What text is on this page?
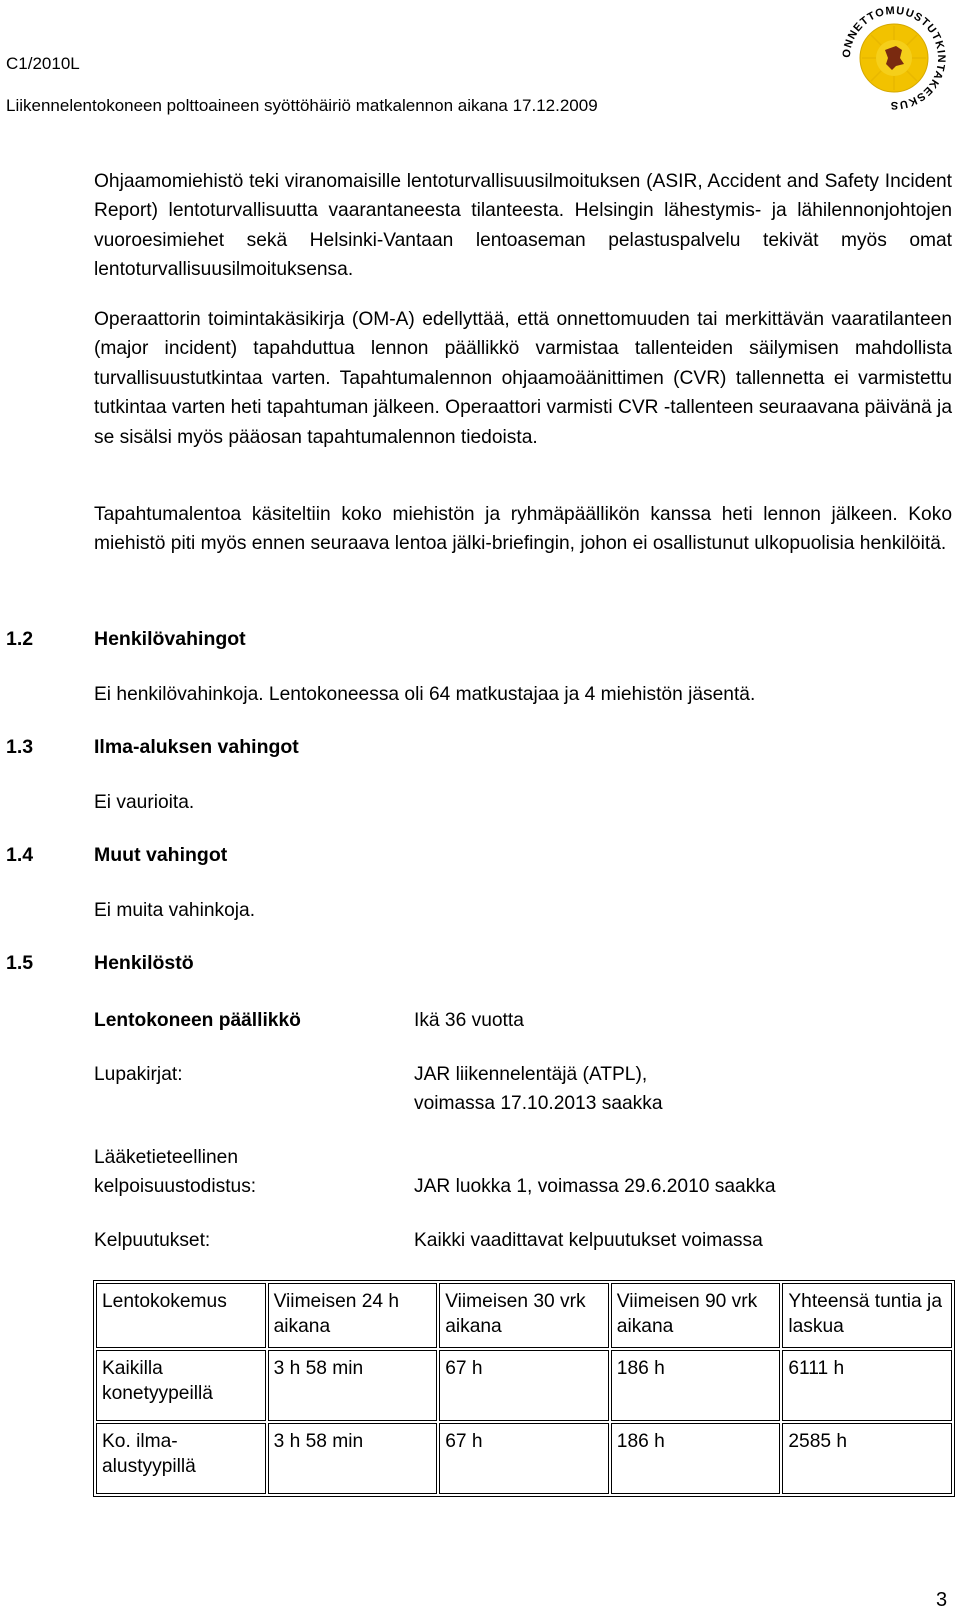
C1/2010L
Liikennelentokoneen polttoaineen syöttöhäiriö matkalennon aikana 17.12.2009
ONNETTOMUUSTUTKINTAKESKUS

Ohjaamomiehistö teki viranomaisille lentoturvallisuusilmoituksen (ASIR, Accident and Safety Incident Report) lentoturvallisuutta vaarantaneesta tilanteesta. Helsingin lähestymis- ja lähilennonjohtojen vuoroesimiehet sekä Helsinki-Vantaan lentoaseman pelastuspalvelu tekivät myös omat lentoturvallisuusilmoituksensa.

Operaattorin toimintakäsikirja (OM-A) edellyttää, että onnettomuuden tai merkittävän vaaratilanteen (major incident) tapahduttua lennon päällikkö varmistaa tallenteiden säilymisen mahdollista turvallisuustutkintaa varten. Tapahtumalennon ohjaamoäänittimen (CVR) tallennetta ei varmistettu tutkintaa varten heti tapahtuman jälkeen. Operaattori varmisti CVR -tallenteen seuraavana päivänä ja se sisälsi myös pääosan tapahtumalennon tiedoista.

Tapahtumalentoa käsiteltiin koko miehistön ja ryhmäpäällikön kanssa heti lennon jälkeen. Koko miehistö piti myös ennen seuraava lentoa jälki-briefingin, johon ei osallistunut ulkopuolisia henkilöitä.

1.2	Henkilövahingot
Ei henkilövahinkoja. Lentokoneessa oli 64 matkustajaa ja 4 miehistön jäsentä.
1.3	Ilma-aluksen vahingot
Ei vaurioita.
1.4	Muut vahingot
Ei muita vahinkoja.
1.5	Henkilöstö
Lentokoneen päällikkö	Ikä 36 vuotta
Lupakirjat:	JAR liikennelentäjä (ATPL),
voimassa 17.10.2013 saakka
Lääketieteellinen
kelpoisuustodistus:	JAR luokka 1, voimassa 29.6.2010 saakka
Kelpuutukset:	Kaikki vaadittavat kelpuutukset voimassa
Lentokokemus	Viimeisen 24 h aikana	Viimeisen 30 vrk aikana	Viimeisen 90 vrk aikana	Yhteensä tuntia ja laskua
Kaikilla konetyypeillä	3 h 58 min	67 h	186 h	6111 h
Ko. ilma-alustyypillä	3 h 58 min	67 h	186 h	2585 h
3
